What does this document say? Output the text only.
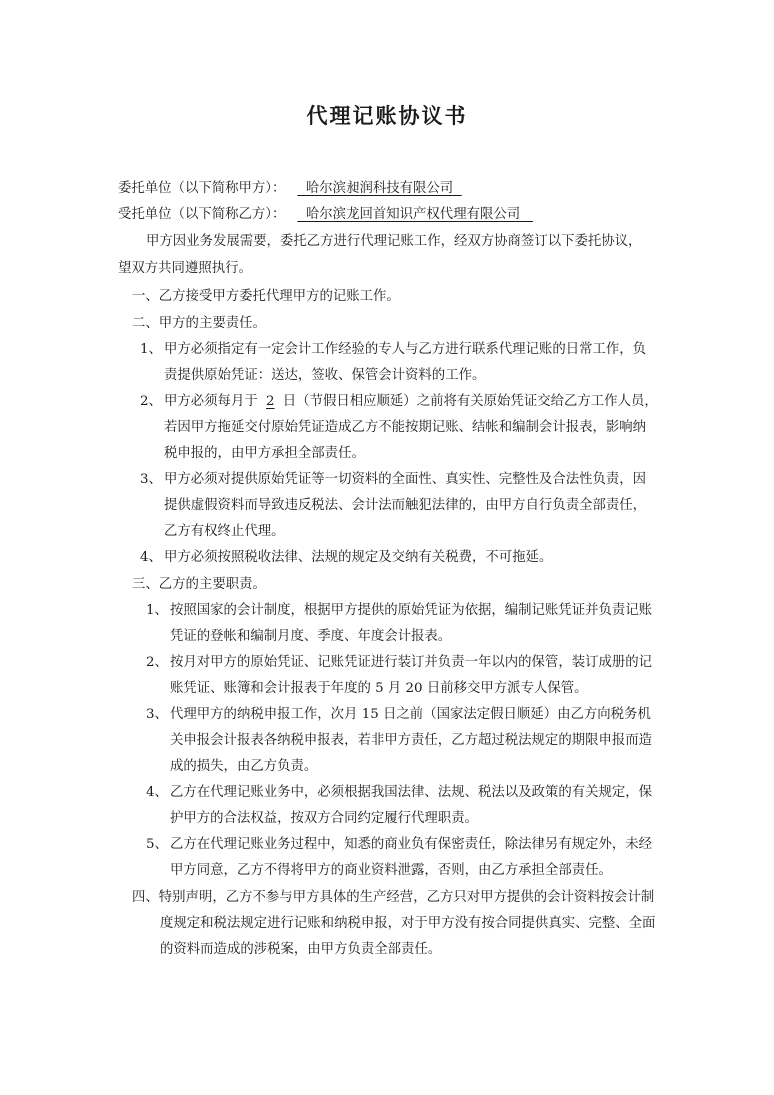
代理记账协议书
委托单位（以下简称甲方）：  哈尔滨昶润科技有限公司
受托单位（以下简称乙方）：  哈尔滨龙回首知识产权代理有限公司
甲方因业务发展需要，委托乙方进行代理记账工作，经双方协商签订以下委托协议，
望双方共同遵照执行。
一、乙方接受甲方委托代理甲方的记账工作。
二、甲方的主要责任。
1、 甲方必须指定有一定会计工作经验的专人与乙方进行联系代理记账的日常工作，负
责提供原始凭证：送达，签收、保管会计资料的工作。
2、 甲方必须每月于 2 日（节假日相应顺延）之前将有关原始凭证交给乙方工作人员，
若因甲方拖延交付原始凭证造成乙方不能按期记账、结帐和编制会计报表，影响纳
税申报的，由甲方承担全部责任。
3、 甲方必须对提供原始凭证等一切资料的全面性、真实性、完整性及合法性负责，因
提供虚假资料而导致违反税法、会计法而触犯法律的，由甲方自行负责全部责任，
乙方有权终止代理。
4、 甲方必须按照税收法律、法规的规定及交纳有关税费，不可拖延。
三、乙方的主要职责。
1、 按照国家的会计制度，根据甲方提供的原始凭证为依据，编制记账凭证并负责记账
凭证的登帐和编制月度、季度、年度会计报表。
2、 按月对甲方的原始凭证、记账凭证进行装订并负责一年以内的保管，装订成册的记
账凭证、账簿和会计报表于年度的 5 月 20 日前移交甲方派专人保管。
3、 代理甲方的纳税申报工作，次月 15 日之前（国家法定假日顺延）由乙方向税务机
关申报会计报表各纳税申报表，若非甲方责任，乙方超过税法规定的期限申报而造
成的损失，由乙方负责。
4、 乙方在代理记账业务中，必须根据我国法律、法规、税法以及政策的有关规定，保
护甲方的合法权益，按双方合同约定履行代理职责。
5、 乙方在代理记账业务过程中，知悉的商业负有保密责任，除法律另有规定外，未经
甲方同意，乙方不得将甲方的商业资料泄露，否则，由乙方承担全部责任。
四、特别声明，乙方不参与甲方具体的生产经营，乙方只对甲方提供的会计资料按会计制
度规定和税法规定进行记账和纳税申报，对于甲方没有按合同提供真实、完整、全面
的资料而造成的涉税案，由甲方负责全部责任。
